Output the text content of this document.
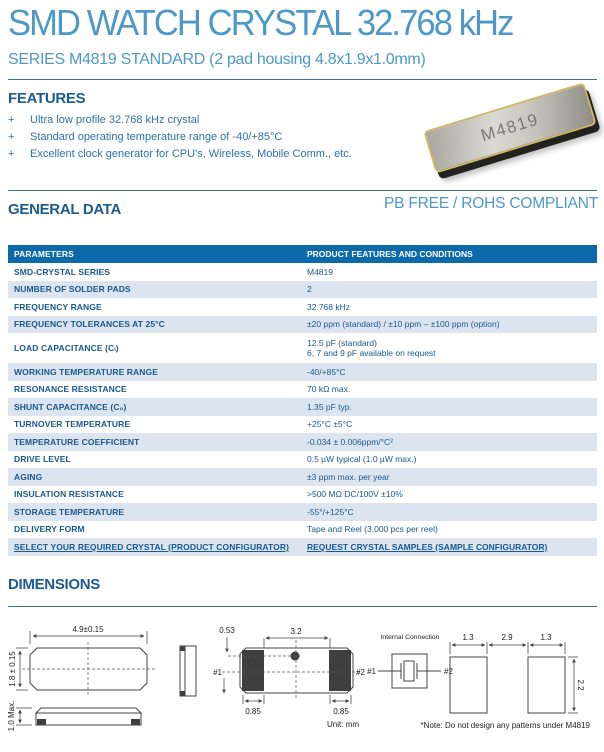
SMD WATCH CRYSTAL 32.768 kHz
SERIES M4819 STANDARD (2 pad housing 4.8x1.9x1.0mm)
FEATURES
+	Ultra low profile 32.768 kHz crystal
+	Standard operating temperature range of -40/+85°C
+	Excellent clock generator for CPU's, Wireless, Mobile Comm., etc.
M4819
GENERAL DATA	PB FREE / ROHS COMPLIANT
PARAMETERS	PRODUCT FEATURES AND CONDITIONS
SMD-CRYSTAL SERIES	M4819
NUMBER OF SOLDER PADS	2
FREQUENCY RANGE	32.768 kHz
FREQUENCY TOLERANCES AT 25°C	±20 ppm (standard) / ±10 ppm – ±100 ppm (option)
LOAD CAPACITANCE (Cₗ)	12.5 pF (standard)
6, 7 and 9 pF available on request
WORKING TEMPERATURE RANGE	-40/+85°C
RESONANCE RESISTANCE	70 kΩ max.
SHUNT CAPACITANCE (C₀)	1.35 pF typ.
TURNOVER TEMPERATURE	+25°C ±5°C
TEMPERATURE COEFFICIENT	-0.034 ± 0.006ppm/°C²
DRIVE LEVEL	0.5 µW typical (1.0 µW max.)
AGING	±3 ppm max. per year
INSULATION RESISTANCE	>500 MΩ DC/100V ±10%
STORAGE TEMPERATURE	-55°/+125°C
DELIVERY FORM	Tape and Reel (3.000 pcs per reel)
SELECT YOUR REQUIRED CRYSTAL (PRODUCT CONFIGURATOR)	REQUEST CRYSTAL SAMPLES (SAMPLE CONFIGURATOR)
DIMENSIONS
4.9±0.15
1.8 ± 0.15
1.0 Max.
0.53	3.2
#1	#2
0.85	0.85
Unit: mm
Internal Connection
#1	#2
1.3	2.9	1.3
2.2
*Note: Do not design any patterns under M4819
